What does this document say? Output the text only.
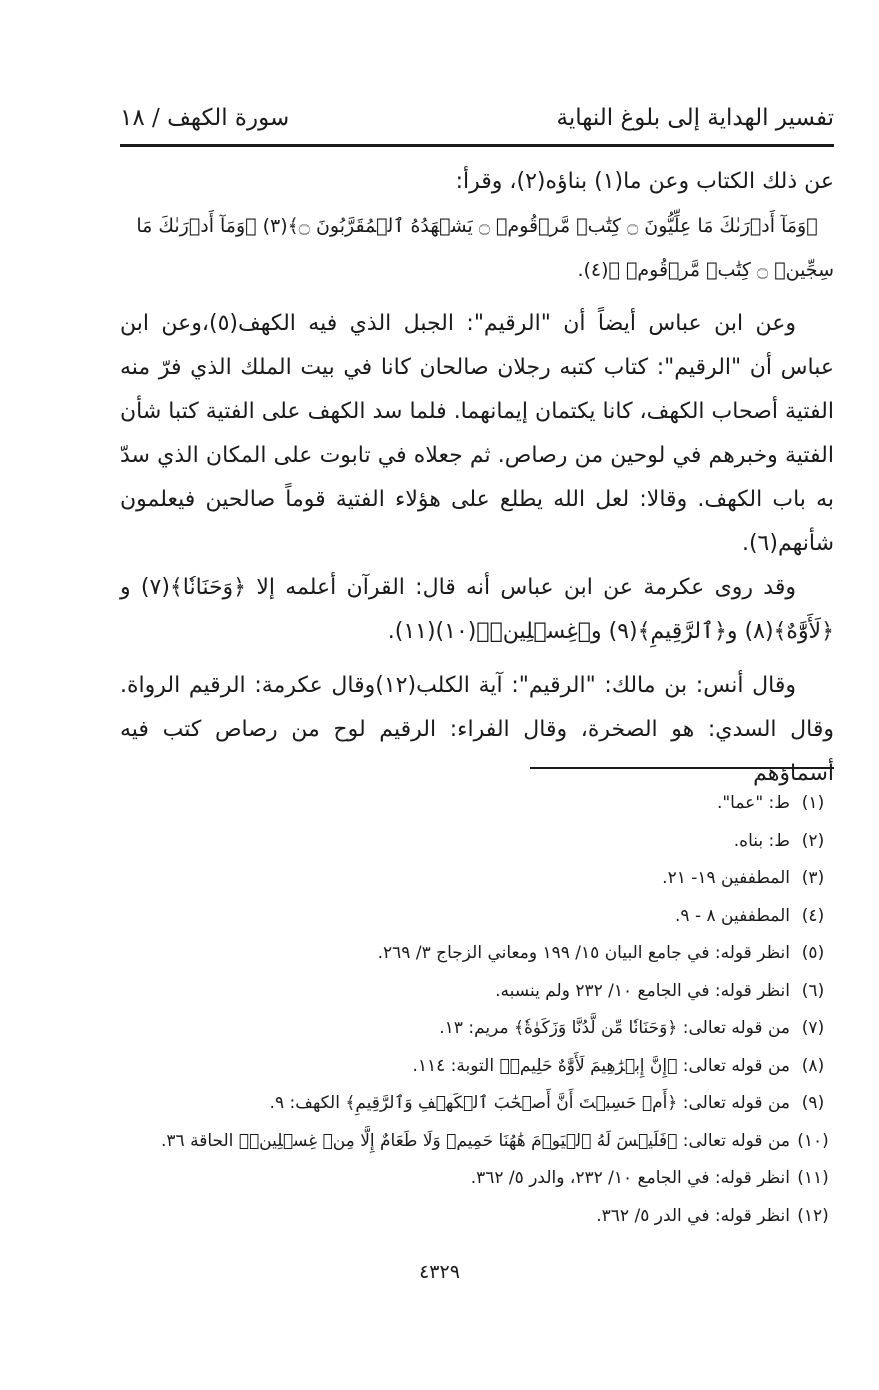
تفسير الهداية إلى بلوغ النهاية
سورة الكهف / ١٨

عن ذلك الكتاب وعن ما(١) بناؤه(٢)، وقرأ:

﴿وَمَآ أَدۡرَىٰكَ مَا عِلِّيُّونَ ۝ كِتَٰبٞ مَّرۡقُومٞ ۝ يَشۡهَدُهُ ٱلۡمُقَرَّبُونَ ۝﴾(٣) ﴿وَمَآ أَدۡرَىٰكَ مَا سِجِّينٞ ۝ كِتَٰبٞ مَّرۡقُومٞ ﴾(٤).

وعن ابن عباس أيضاً أن "الرقيم": الجبل الذي فيه الكهف(٥)،وعن ابن عباس أن "الرقيم": كتاب كتبه رجلان صالحان كانا في بيت الملك الذي فرّ منه الفتية أصحاب الكهف، كانا يكتمان إيمانهما. فلما سد الكهف على الفتية كتبا شأن الفتية وخبرهم في لوحين من رصاص. ثم جعلاه في تابوت على المكان الذي سدّ به باب الكهف. وقالا: لعل الله يطلع على هؤلاء الفتية قوماً صالحين فيعلمون شأنهم(٦).

وقد روى عكرمة عن ابن عباس أنه قال: القرآن أعلمه إلا ﴿وَحَنَانٗا﴾(٧) و ﴿لَأَوَّٰهٌ﴾(٨) و﴿ٱلرَّقِيمِ﴾(٩) و﴿غِسۡلِينٖ﴾(١٠)(١١).

وقال أنس: بن مالك: "الرقيم": آية الكلب(١٢)وقال عكرمة: الرقيم الرواة. وقال السدي: هو الصخرة، وقال الفراء: الرقيم لوح من رصاص كتب فيه أسماؤهم

(١)ط: "عما".
(٢)ط: بناه.
(٣)المطففين ١٩- ٢١.
(٤)المطففين ٨ - ٩.
(٥)انظر قوله: في جامع البيان ١٥/ ١٩٩ ومعاني الزجاج ٣/ ٢٦٩.
(٦)انظر قوله: في الجامع ١٠/ ٢٣٢ ولم ينسبه.
(٧)من قوله تعالى: ﴿وَحَنَانٗا مِّن لَّدُنَّا وَزَكَوٰةٗ﴾ مريم: ١٣.
(٨)من قوله تعالى: ﴿إِنَّ إِبۡرَٰهِيمَ لَأَوَّٰهٌ حَلِيمٞ﴾ التوبة: ١١٤.
(٩)من قوله تعالى: ﴿أَمۡ حَسِبۡتَ أَنَّ أَصۡحَٰبَ ٱلۡكَهۡفِ وَٱلرَّقِيمِ﴾ الكهف: ٩.
(١٠)من قوله تعالى: ﴿فَلَيۡسَ لَهُ ٱلۡيَوۡمَ هَٰهُنَا حَمِيمٞ وَلَا طَعَامٌ إِلَّا مِنۡ غِسۡلِينٖ﴾ الحاقة ٣٦.
(١١)انظر قوله: في الجامع ١٠/ ٢٣٢، والدر ٥/ ٣٦٢.
(١٢)انظر قوله: في الدر ٥/ ٣٦٢.
٤٣٢٩
